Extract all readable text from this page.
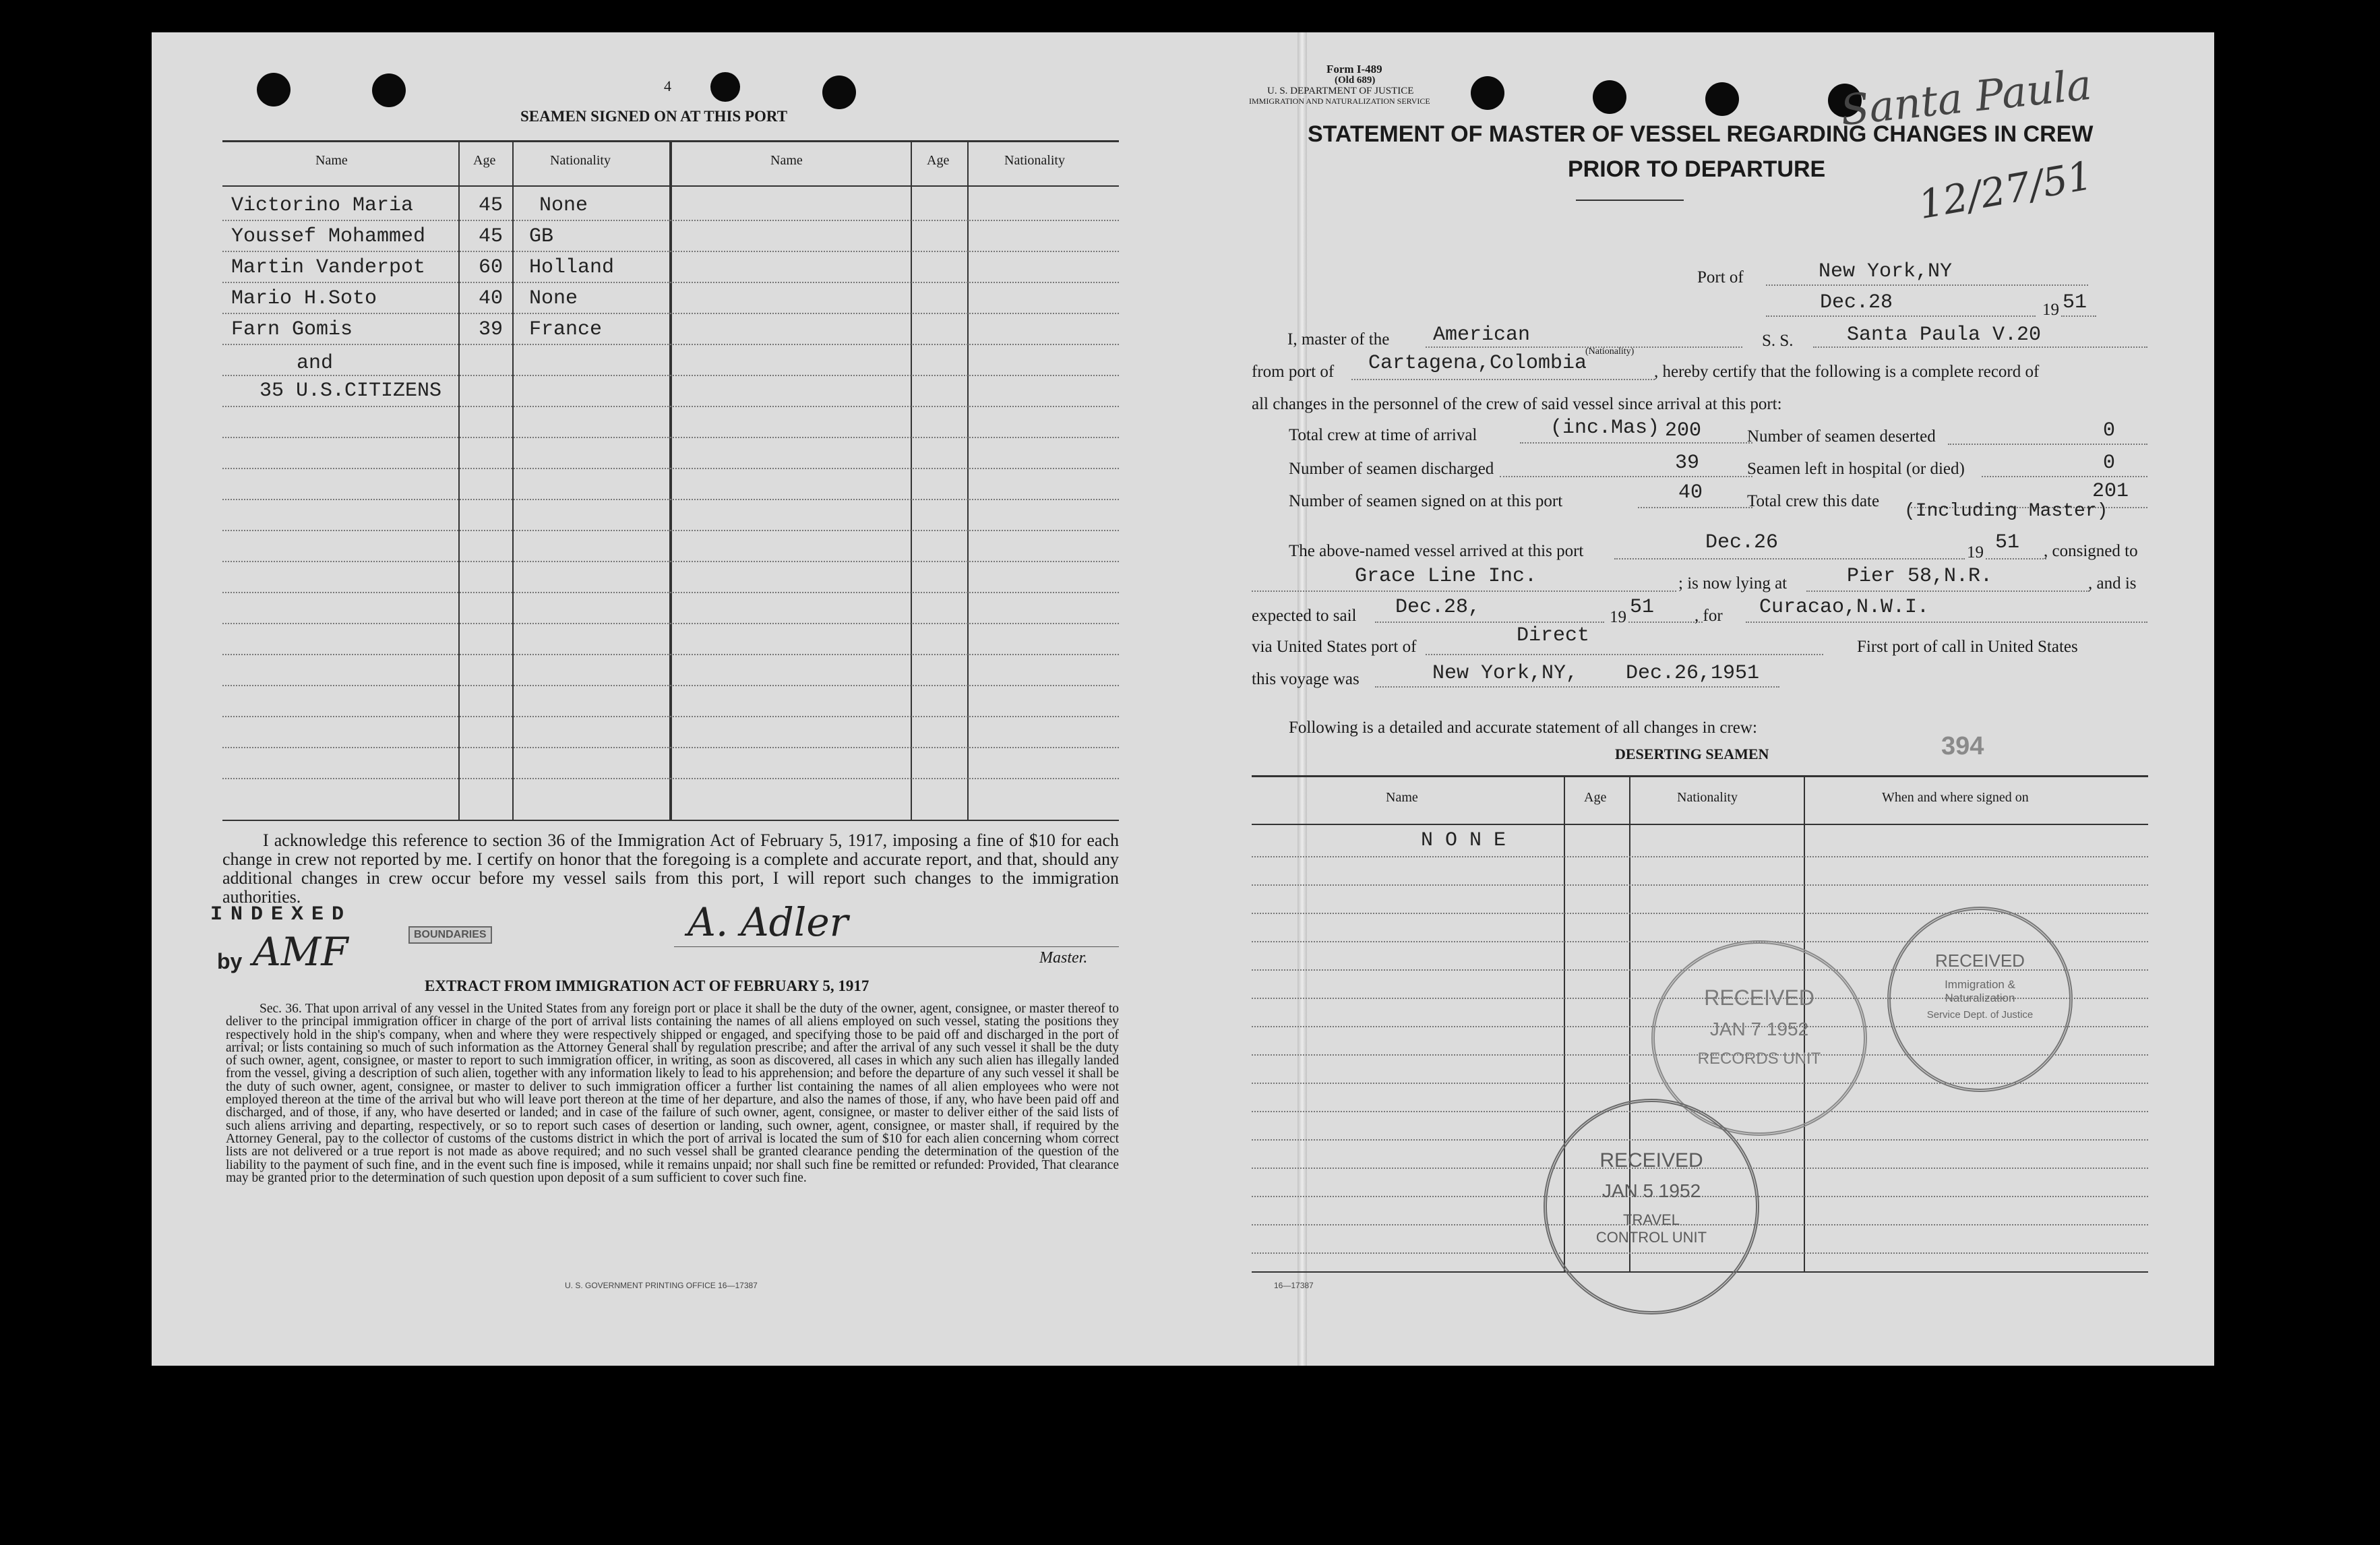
4
SEAMEN SIGNED ON AT THIS PORT
Name	Age	Nationality	Name	Age	Nationality
Victorino Maria	45 None
Youssef Mohammed	45 GB
Martin Vanderpot	60 Holland
Mario H.Soto	40 None
Farn Gomis	39 France
and
35 U.S.CITIZENS
I acknowledge this reference to section 36 of the Immigration Act of February 5, 1917, imposing a fine of $10 for each change in crew not reported by me. I certify on honor that the foregoing is a complete and accurate report, and that, should any additional changes in crew occur before my vessel sails from this port, I will report such changes to the immigration authorities.
INDEXED
by AMF	BOUNDARIES	A. Adler
Master.
EXTRACT FROM IMMIGRATION ACT OF FEBRUARY 5, 1917
Sec. 36. That upon arrival of any vessel in the United States from any foreign port or place it shall be the duty of the owner, agent, consignee, or master thereof to deliver to the principal immigration officer in charge of the port of arrival lists containing the names of all aliens employed on such vessel, stating the positions they respectively hold in the ship's company, when and where they were respectively shipped or engaged, and specifying those to be paid off and discharged in the port of arrival; or lists containing so much of such information as the Attorney General shall by regulation prescribe; and after the arrival of any such vessel it shall be the duty of such owner, agent, consignee, or master to report to such immigration officer, in writing, as soon as discovered, all cases in which any such alien has illegally landed from the vessel, giving a description of such alien, together with any information likely to lead to his apprehension; and before the departure of any such vessel it shall be the duty of such owner, agent, consignee, or master to deliver to such immigration officer a further list containing the names of all alien employees who were not employed thereon at the time of the arrival but who will leave port thereon at the time of her departure, and also the names of those, if any, who have been paid off and discharged, and of those, if any, who have deserted or landed; and in case of the failure of such owner, agent, consignee, or master to deliver either of the said lists of such aliens arriving and departing, respectively, or so to report such cases of desertion or landing, such owner, agent, consignee, or master shall, if required by the Attorney General, pay to the collector of customs of the customs district in which the port of arrival is located the sum of $10 for each alien concerning whom correct lists are not delivered or a true report is not made as above required; and no such vessel shall be granted clearance pending the determination of the question of the liability to the payment of such fine, and in the event such fine is imposed, while it remains unpaid; nor shall such fine be remitted or refunded: Provided, That clearance may be granted prior to the determination of such question upon deposit of a sum sufficient to cover such fine.
U. S. GOVERNMENT PRINTING OFFICE 16—17387
Form I-489
(Old 689)
U. S. DEPARTMENT OF JUSTICE
IMMIGRATION AND NATURALIZATION SERVICE	Santa Paula
12/27/51
STATEMENT OF MASTER OF VESSEL REGARDING CHANGES IN CREW
PRIOR TO DEPARTURE
Port of	New York,NY
Dec.28	19 51
I, master of the American
(Nationality)
S. S.	Santa Paula V.20
from port of Cartagena,Colombia	, hereby certify that the following is a complete record of
all changes in the personnel of the crew of said vessel since arrival at this port:
Total crew at time of arrival	(inc.Mas) 200	Number of seamen deserted	0
Number of seamen discharged	39	Seamen left in hospital (or died)	0
Number of seamen signed on at this port	40	Total crew this date	201
(Including Master)
The above-named vessel arrived at this port	Dec.26	19 51 , consigned to
Grace Line Inc.	; is now lying at	Pier 58,N.R.	, and is
expected to sail Dec.28,	19 51 , for Curacao,N.W.I.
via United States port of	Direct	First port of call in United States
this voyage was	New York,NY, Dec.26,1951
Following is a detailed and accurate statement of all changes in crew:
DESERTING SEAMEN	394
Name	Age	Nationality	When and where signed on
N O N E
RECEIVED
JAN 7 1952
RECORDS UNIT
RECEIVED
JAN 5 1952
TRAVEL CONTROL UNIT
RECEIVED
Immigration & Naturalization
Service Dept. of Justice
16—17387
